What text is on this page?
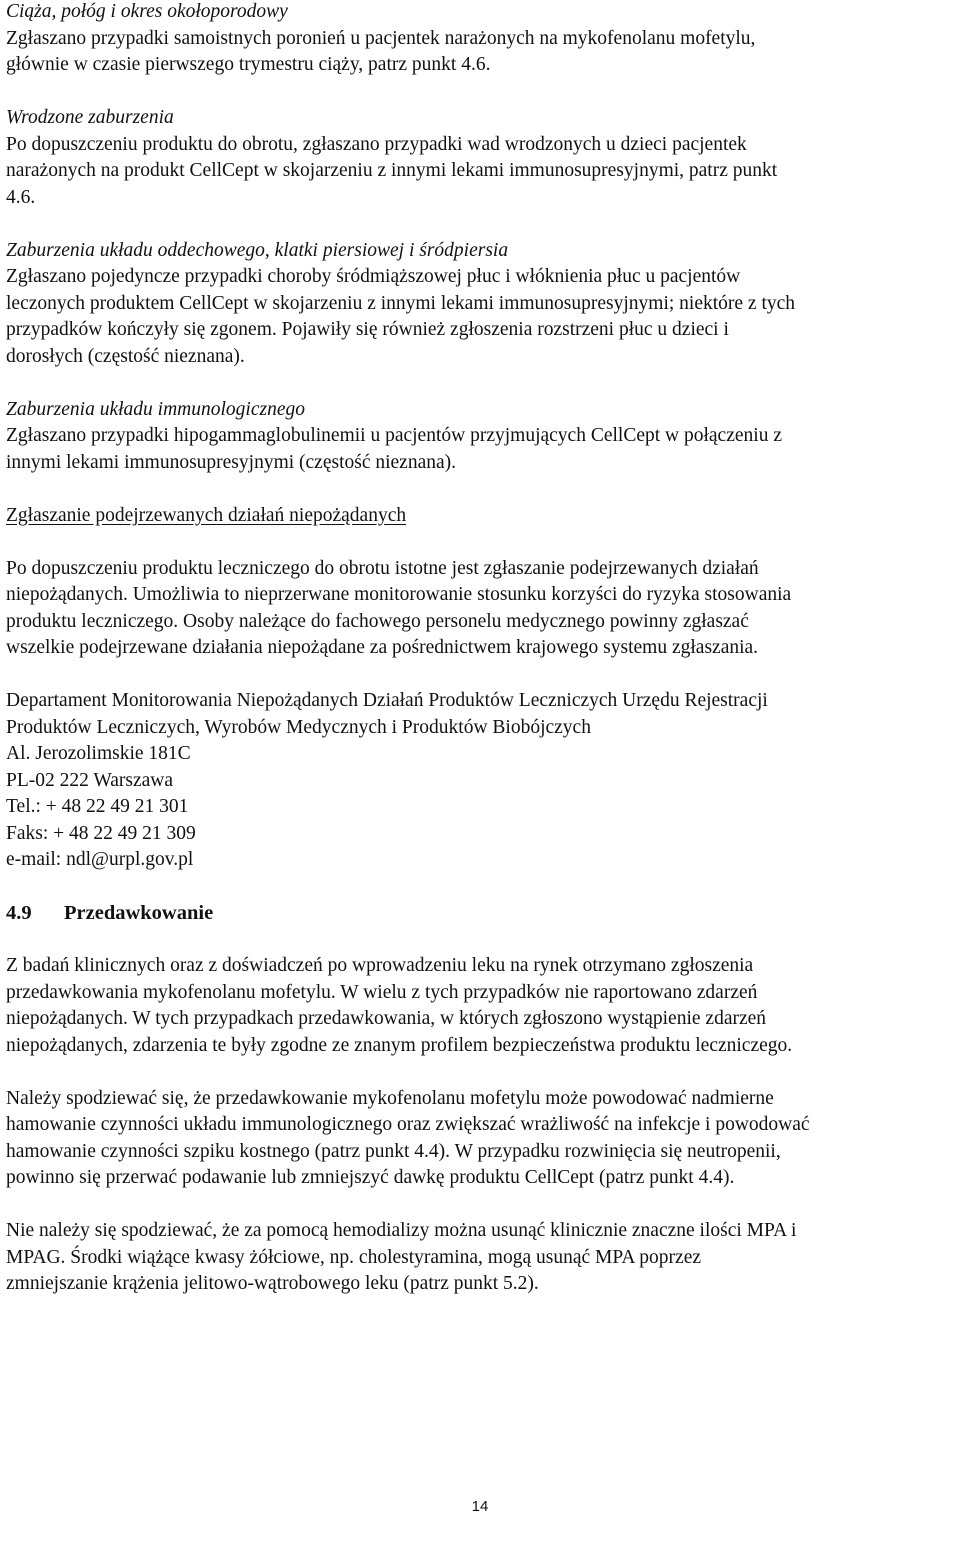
Ciąża, połóg i okres okołoporodowy

Zgłaszano przypadki samoistnych poronień u pacjentek narażonych na mykofenolanu mofetylu,

głównie w czasie pierwszego trymestru ciąży, patrz punkt 4.6.

Wrodzone zaburzenia

Po dopuszczeniu produktu do obrotu, zgłaszano przypadki wad wrodzonych u dzieci pacjentek

narażonych na produkt CellCept w skojarzeniu z innymi lekami immunosupresyjnymi, patrz punkt

4.6.

Zaburzenia układu oddechowego, klatki piersiowej i śródpiersia

Zgłaszano pojedyncze przypadki choroby śródmiąższowej płuc i włóknienia płuc u pacjentów

leczonych produktem CellCept w skojarzeniu z innymi lekami immunosupresyjnymi; niektóre z tych

przypadków kończyły się zgonem. Pojawiły się również zgłoszenia rozstrzeni płuc u dzieci i

dorosłych (częstość nieznana).

Zaburzenia układu immunologicznego

Zgłaszano przypadki hipogammaglobulinemii u pacjentów przyjmujących CellCept w połączeniu z

innymi lekami immunosupresyjnymi (częstość nieznana).

Zgłaszanie podejrzewanych działań niepożądanych

Po dopuszczeniu produktu leczniczego do obrotu istotne jest zgłaszanie podejrzewanych działań

niepożądanych. Umożliwia to nieprzerwane monitorowanie stosunku korzyści do ryzyka stosowania

produktu leczniczego. Osoby należące do fachowego personelu medycznego powinny zgłaszać

wszelkie podejrzewane działania niepożądane za pośrednictwem krajowego systemu zgłaszania.

Departament Monitorowania Niepożądanych Działań Produktów Leczniczych Urzędu Rejestracji

Produktów Leczniczych, Wyrobów Medycznych i Produktów Biobójczych

Al. Jerozolimskie 181C

PL-02 222 Warszawa

Tel.: + 48 22 49 21 301

Faks: + 48 22 49 21 309

e-mail: ndl@urpl.gov.pl

4.9	Przedawkowanie

Z badań klinicznych oraz z doświadczeń po wprowadzeniu leku na rynek otrzymano zgłoszenia

przedawkowania mykofenolanu mofetylu. W wielu z tych przypadków nie raportowano zdarzeń

niepożądanych. W tych przypadkach przedawkowania, w których zgłoszono wystąpienie zdarzeń

niepożądanych, zdarzenia te były zgodne ze znanym profilem bezpieczeństwa produktu leczniczego.

Należy spodziewać się, że przedawkowanie mykofenolanu mofetylu może powodować nadmierne

hamowanie czynności układu immunologicznego oraz zwiększać wrażliwość na infekcje i powodować

hamowanie czynności szpiku kostnego (patrz punkt 4.4). W przypadku rozwinięcia się neutropenii,

powinno się przerwać podawanie lub zmniejszyć dawkę produktu CellCept (patrz punkt 4.4).

Nie należy się spodziewać, że za pomocą hemodializy można usunąć klinicznie znaczne ilości MPA i

MPAG. Środki wiążące kwasy żółciowe, np. cholestyramina, mogą usunąć MPA poprzez

zmniejszanie krążenia jelitowo-wątrobowego leku (patrz punkt 5.2).

14
